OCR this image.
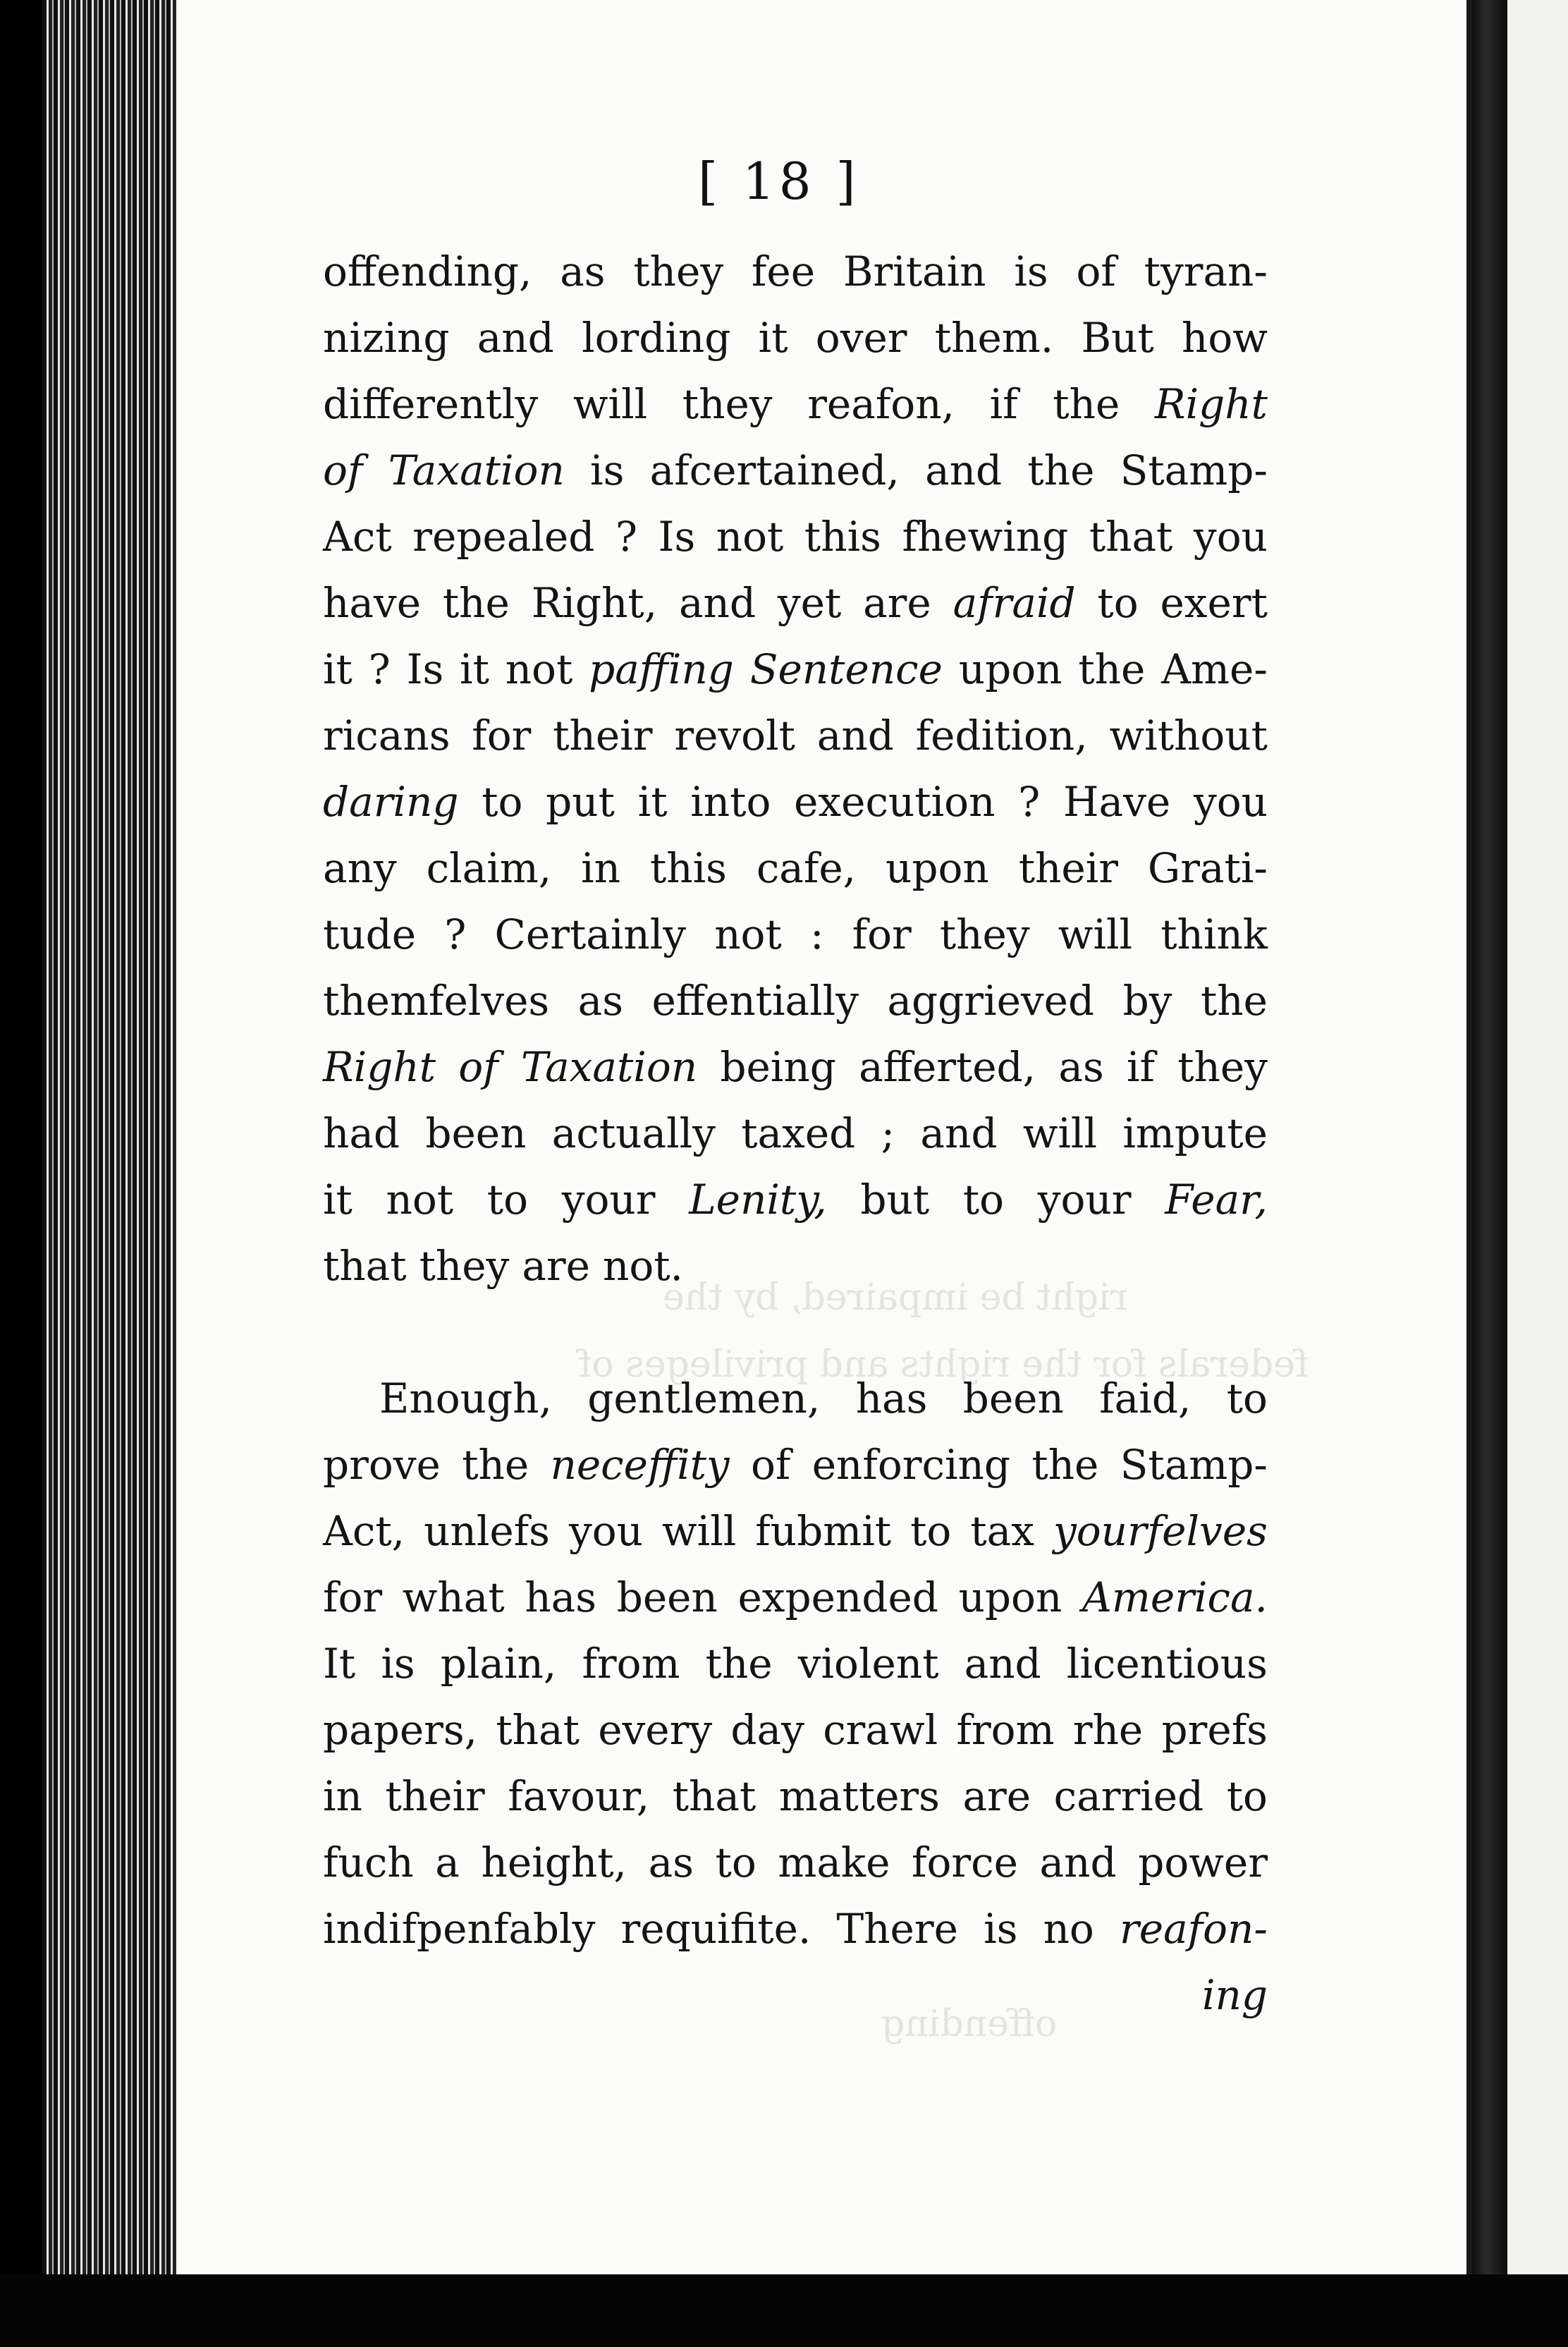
‹
▪
▿
right be impaired, by the
federals for the rights and privileges of
offending
[ 18 ]
offending, as they fee Britain is of tyran-
nizing and lording it over them. But how
differently will they reafon, if the Right
of Taxation is afcertained, and the Stamp-
Act repealed ? Is not this fhewing that you
have the Right, and yet are afraid to exert
it ? Is it not paffing Sentence upon the Ame-
ricans for their revolt and fedition, without
daring to put it into execution ? Have you
any claim, in this cafe, upon their Grati-
tude ? Certainly not : for they will think
themfelves as effentially aggrieved by the
Right of Taxation being afferted, as if they
had been actually taxed ; and will impute
it not to your Lenity, but to your Fear,
that they are not.
Enough, gentlemen, has been faid, to
prove the neceffity of enforcing the Stamp-
Act, unlefs you will fubmit to tax yourfelves
for what has been expended upon America.
It is plain, from the violent and licentious
papers, that every day crawl from rhe prefs
in their favour, that matters are carried to
fuch a height, as to make force and power
indifpenfably requifite. There is no reafon-
ing
